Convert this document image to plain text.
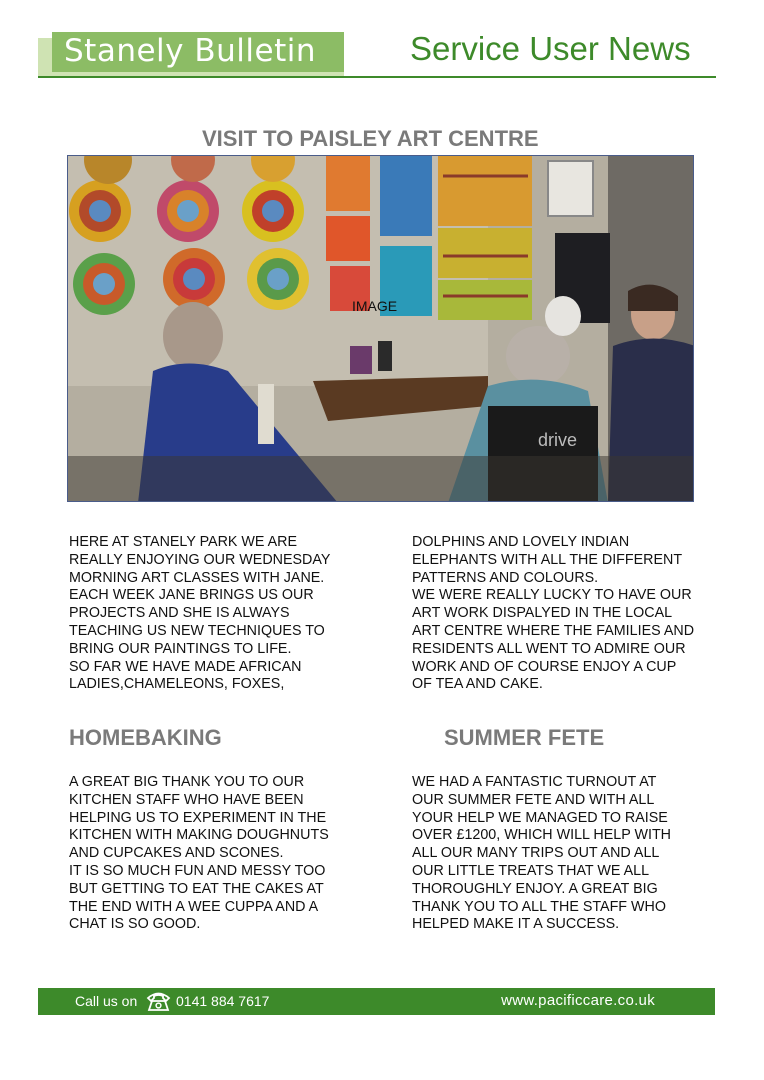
Stanely Bulletin	Service User News
VISIT TO PAISLEY ART CENTRE
drive
IMAGE

HERE AT STANELY PARK WE ARE

REALLY ENJOYING OUR WEDNESDAY

MORNING ART CLASSES WITH JANE.

EACH WEEK JANE BRINGS US OUR

PROJECTS AND SHE IS ALWAYS

TEACHING US NEW TECHNIQUES TO

BRING OUR PAINTINGS TO LIFE.

SO FAR WE HAVE MADE AFRICAN

LADIES,CHAMELEONS, FOXES,

DOLPHINS AND LOVELY INDIAN

ELEPHANTS WITH ALL THE DIFFERENT

PATTERNS AND COLOURS.

WE WERE REALLY LUCKY TO HAVE OUR

ART WORK DISPALYED IN THE LOCAL

ART CENTRE WHERE THE FAMILIES AND

RESIDENTS ALL WENT TO ADMIRE OUR

WORK AND OF COURSE ENJOY A CUP

OF TEA AND CAKE.

HOMEBAKING

A GREAT BIG THANK YOU TO OUR

KITCHEN STAFF WHO HAVE BEEN

HELPING US TO EXPERIMENT IN THE

KITCHEN WITH MAKING DOUGHNUTS

AND CUPCAKES AND SCONES.

IT IS SO MUCH FUN AND MESSY TOO

BUT GETTING TO EAT THE CAKES AT

THE END WITH A WEE CUPPA AND A

CHAT IS SO GOOD.

SUMMER FETE

WE HAD A FANTASTIC TURNOUT AT

OUR SUMMER FETE AND WITH ALL

YOUR HELP WE MANAGED TO RAISE

OVER £1200, WHICH WILL HELP WITH

ALL OUR MANY TRIPS OUT AND ALL

OUR LITTLE TREATS THAT WE ALL

THOROUGHLY ENJOY. A GREAT BIG

THANK YOU TO ALL THE STAFF WHO

HELPED MAKE IT A SUCCESS.

Call us on	0141 884 7617	www.pacificcare.co.uk
